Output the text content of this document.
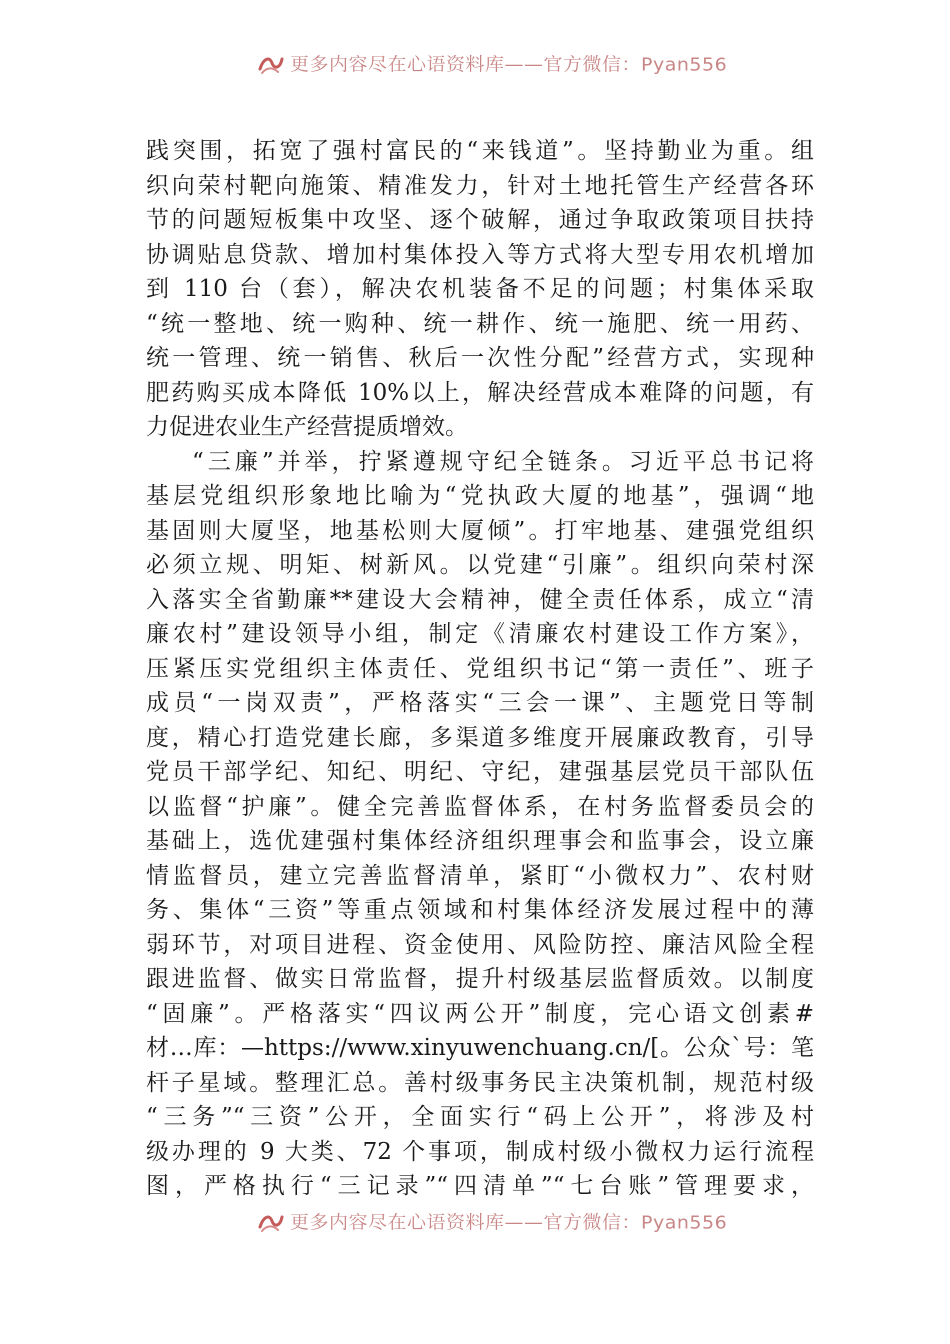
更多内容尽在心语资料库——官方微信：Pyan556
践突围，拓宽了强村富民的“来钱道”。坚持勤业为重。组
织向荣村靶向施策、精准发力，针对土地托管生产经营各环
节的问题短板集中攻坚、逐个破解，通过争取政策项目扶持
协调贴息贷款、增加村集体投入等方式将大型专用农机增加
到 110 台（套），解决农机装备不足的问题；村集体采取
“统一整地、统一购种、统一耕作、统一施肥、统一用药、
统一管理、统一销售、秋后一次性分配”经营方式，实现种
肥药购买成本降低 10%以上，解决经营成本难降的问题，有
力促进农业生产经营提质增效。
“三廉”并举，拧紧遵规守纪全链条。习近平总书记将
基层党组织形象地比喻为“党执政大厦的地基”，强调“地
基固则大厦坚，地基松则大厦倾”。打牢地基、建强党组织
必须立规、明矩、树新风。以党建“引廉”。组织向荣村深
入落实全省勤廉**建设大会精神，健全责任体系，成立“清
廉农村”建设领导小组，制定《清廉农村建设工作方案》，
压紧压实党组织主体责任、党组织书记“第一责任”、班子
成员“一岗双责”，严格落实“三会一课”、主题党日等制
度，精心打造党建长廊，多渠道多维度开展廉政教育，引导
党员干部学纪、知纪、明纪、守纪，建强基层党员干部队伍
以监督“护廉”。健全完善监督体系，在村务监督委员会的
基础上，选优建强村集体经济组织理事会和监事会，设立廉
情监督员，建立完善监督清单，紧盯“小微权力”、农村财
务、集体“三资”等重点领域和村集体经济发展过程中的薄
弱环节，对项目进程、资金使用、风险防控、廉洁风险全程
跟进监督、做实日常监督，提升村级基层监督质效。以制度
“固廉”。严格落实“四议两公开”制度，完心语文创素#
材…库：—https://www.xinyuwenchuang.cn/[。公众`号：笔
杆子星域。整理汇总。善村级事务民主决策机制，规范村级
“三务”“三资”公开，全面实行“码上公开”，将涉及村
级办理的 9 大类、72 个事项，制成村级小微权力运行流程
图，严格执行“三记录”“四清单”“七台账”管理要求，
更多内容尽在心语资料库——官方微信：Pyan556
